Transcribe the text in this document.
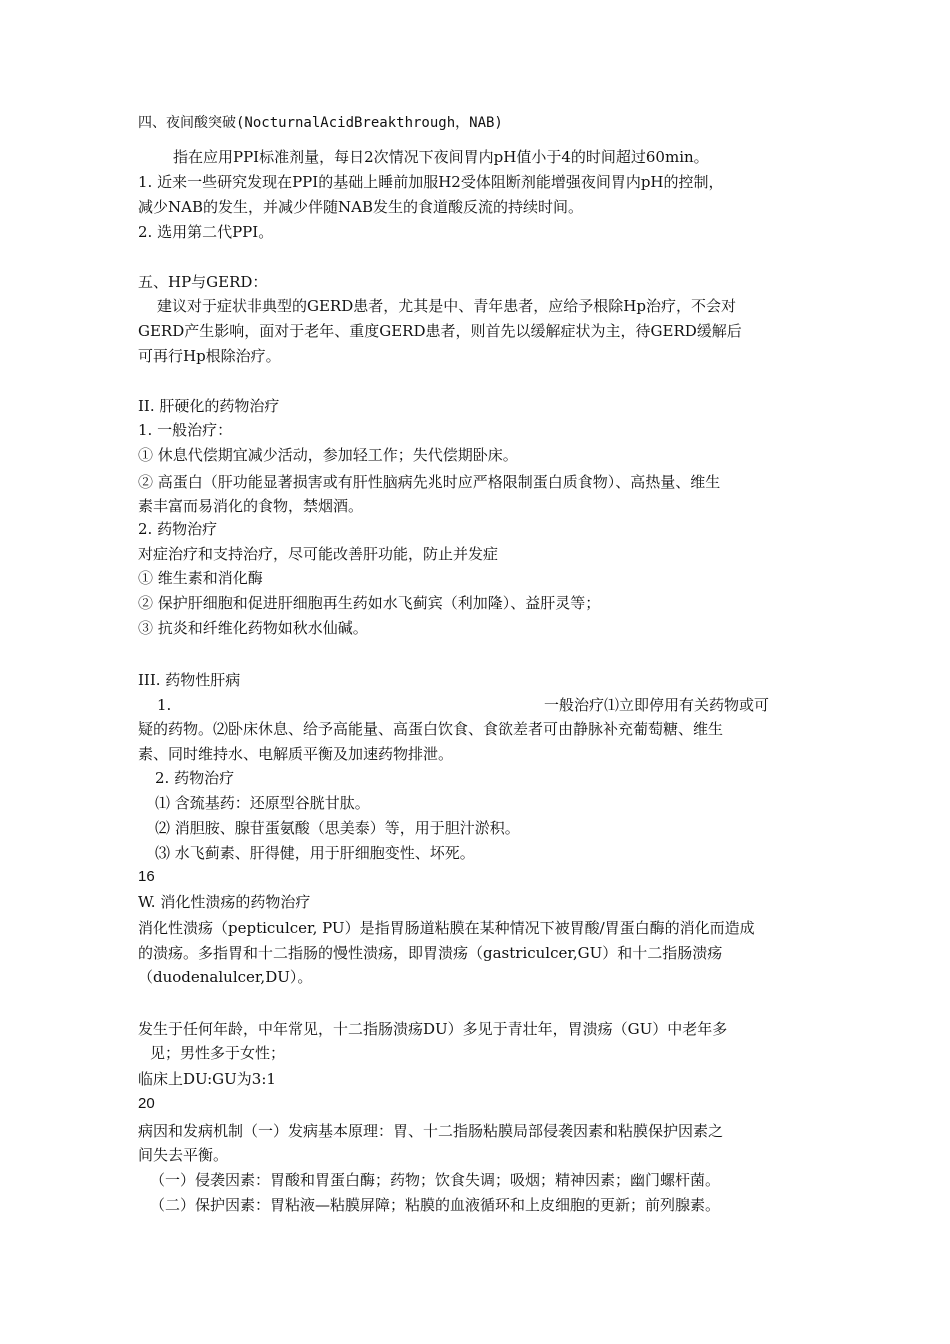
四、夜间酸突破(NocturnalAcidBreakthrough，NAB)
指在应用PPI标准剂量，每日2次情况下夜间胃内pH值小于4的时间超过60min。
1. 近来一些研究发现在PPI的基础上睡前加服H2受体阻断剂能增强夜间胃内pH的控制，
减少NAB的发生，并减少伴随NAB发生的食道酸反流的持续时间。
2. 选用第二代PPI。
五、HP与GERD：
建议对于症状非典型的GERD患者，尤其是中、青年患者，应给予根除Hp治疗，不会对
GERD产生影响，面对于老年、重度GERD患者，则首先以缓解症状为主，待GERD缓解后
可再行Hp根除治疗。
II. 肝硬化的药物治疗
1. 一般治疗：
① 休息代偿期宜减少活动，参加轻工作；失代偿期卧床。
② 高蛋白（肝功能显著损害或有肝性脑病先兆时应严格限制蛋白质食物）、高热量、维生
素丰富而易消化的食物，禁烟酒。
2. 药物治疗
对症治疗和支持治疗，尽可能改善肝功能，防止并发症
① 维生素和消化酶
② 保护肝细胞和促进肝细胞再生药如水飞蓟宾（利加隆）、益肝灵等；
③ 抗炎和纤维化药物如秋水仙碱。
III. 药物性肝病
1.	一般治疗⑴立即停用有关药物或可
疑的药物。⑵卧床休息、给予高能量、高蛋白饮食、食欲差者可由静脉补充葡萄糖、维生
素、同时维持水、电解质平衡及加速药物排泄。
2. 药物治疗
⑴ 含巯基药：还原型谷胱甘肽。
⑵ 消胆胺、腺苷蛋氨酸（思美泰）等，用于胆汁淤积。
⑶ 水飞蓟素、肝得健，用于肝细胞变性、坏死。
16
W. 消化性溃疡的药物治疗
消化性溃疡（pepticulcer, PU）是指胃肠道粘膜在某种情况下被胃酸/胃蛋白酶的消化而造成
的溃疡。多指胃和十二指肠的慢性溃疡，即胃溃疡（gastriculcer,GU）和十二指肠溃疡
（duodenalulcer,DU）。
发生于任何年龄，中年常见，十二指肠溃疡DU）多见于青壮年，胃溃疡（GU）中老年多
见；男性多于女性；
临床上DU:GU为3:1
20
病因和发病机制（一）发病基本原理：胃、十二指肠粘膜局部侵袭因素和粘膜保护因素之
间失去平衡。
（一）侵袭因素：胃酸和胃蛋白酶；药物；饮食失调；吸烟；精神因素；幽门螺杆菌。
（二）保护因素：胃粘液—粘膜屏障；粘膜的血液循环和上皮细胞的更新；前列腺素。
